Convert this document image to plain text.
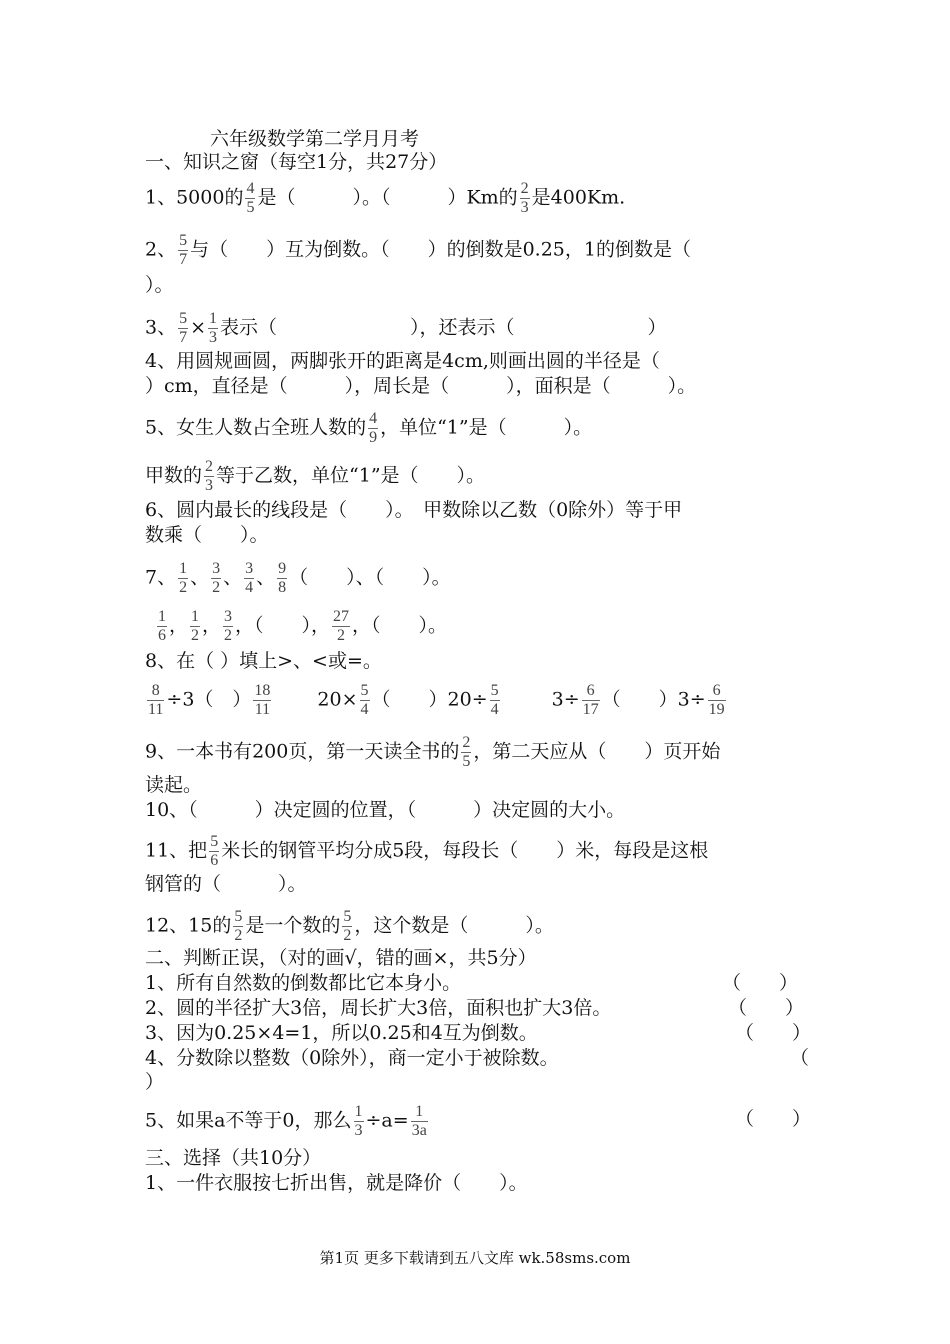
六年级数学第二学月月考
一、知识之窗（每空1分，共27分）
1、5000的 $\frac{4}{5}$ 是（　　　）。（　　　）Km的 $\frac{2}{3}$ 是400Km.
2、 $\frac{5}{7}$ 与（　　）互为倒数。（　　）的倒数是0.25，1的倒数是（
）。
3、 $\frac{5}{7} \times \frac{1}{3}$ 表示（　　　　　　　），还表示（　　　　　　　）
4、用圆规画圆，两脚张开的距离是4cm,则画出圆的半径是（
）cm，直径是（　　　），周长是（　　　），面积是（　　　）。
5、女生人数占全班人数的 $\frac{4}{9}$ ，单位“1”是（　　　）。
甲数的 $\frac{2}{3}$ 等于乙数，单位“1”是（　　）。
6、圆内最长的线段是（　　）。　甲数除以乙数（0除外）等于甲
数乘（　　）。
7、 $\frac{1}{2}$ 、 $\frac{3}{2}$ 、 $\frac{3}{4}$ 、 $\frac{9}{8}$ （　　）、（　　）。
$\frac{1}{6}$ ， $\frac{1}{2}$ ， $\frac{3}{2}$ ，（　　）， $\frac{27}{2}$ ，（　　）。
8、在（ ）填上>、<或=。
$\frac{8}{11} \div 3$（　） $\frac{18}{11} 20\times \frac{5}{4}$ （　　）$20\div \frac{5}{4}$	$3\div \frac{6}{17}$ （　　）$3\div \frac{6}{19}$
9、一本书有200页，第一天读全书的 $\frac{2}{5}$ ，第二天应从（　　）页开始
读起。
10、（　　　）决定圆的位置，（　　　）决定圆的大小。
11、把 $\frac{5}{6}$ 米长的钢管平均分成5段，每段长（　　）米，每段是这根
钢管的（　　　）。
12、15的 $\frac{5}{2}$ 是一个数的 $\frac{5}{2}$ ，这个数是（　　　）。
二、判断正误，（对的画√，错的画×，共5分）
1、所有自然数的倒数都比它本身小。	（　　）
2、圆的半径扩大3倍，周长扩大3倍，面积也扩大3倍。	（　　）
3、因为0.25×4=1，所以0.25和4互为倒数。	（　　）
4、分数除以整数（0除外），商一定小于被除数。	（
）
5、如果a不等于0，那么 $\frac{1}{3} \div a= \frac{1}{3a}$	（　　）
三、选择（共10分）
1、一件衣服按七折出售，就是降价（　　）。
第1页 更多下载请到五八文库 wk.58sms.com
